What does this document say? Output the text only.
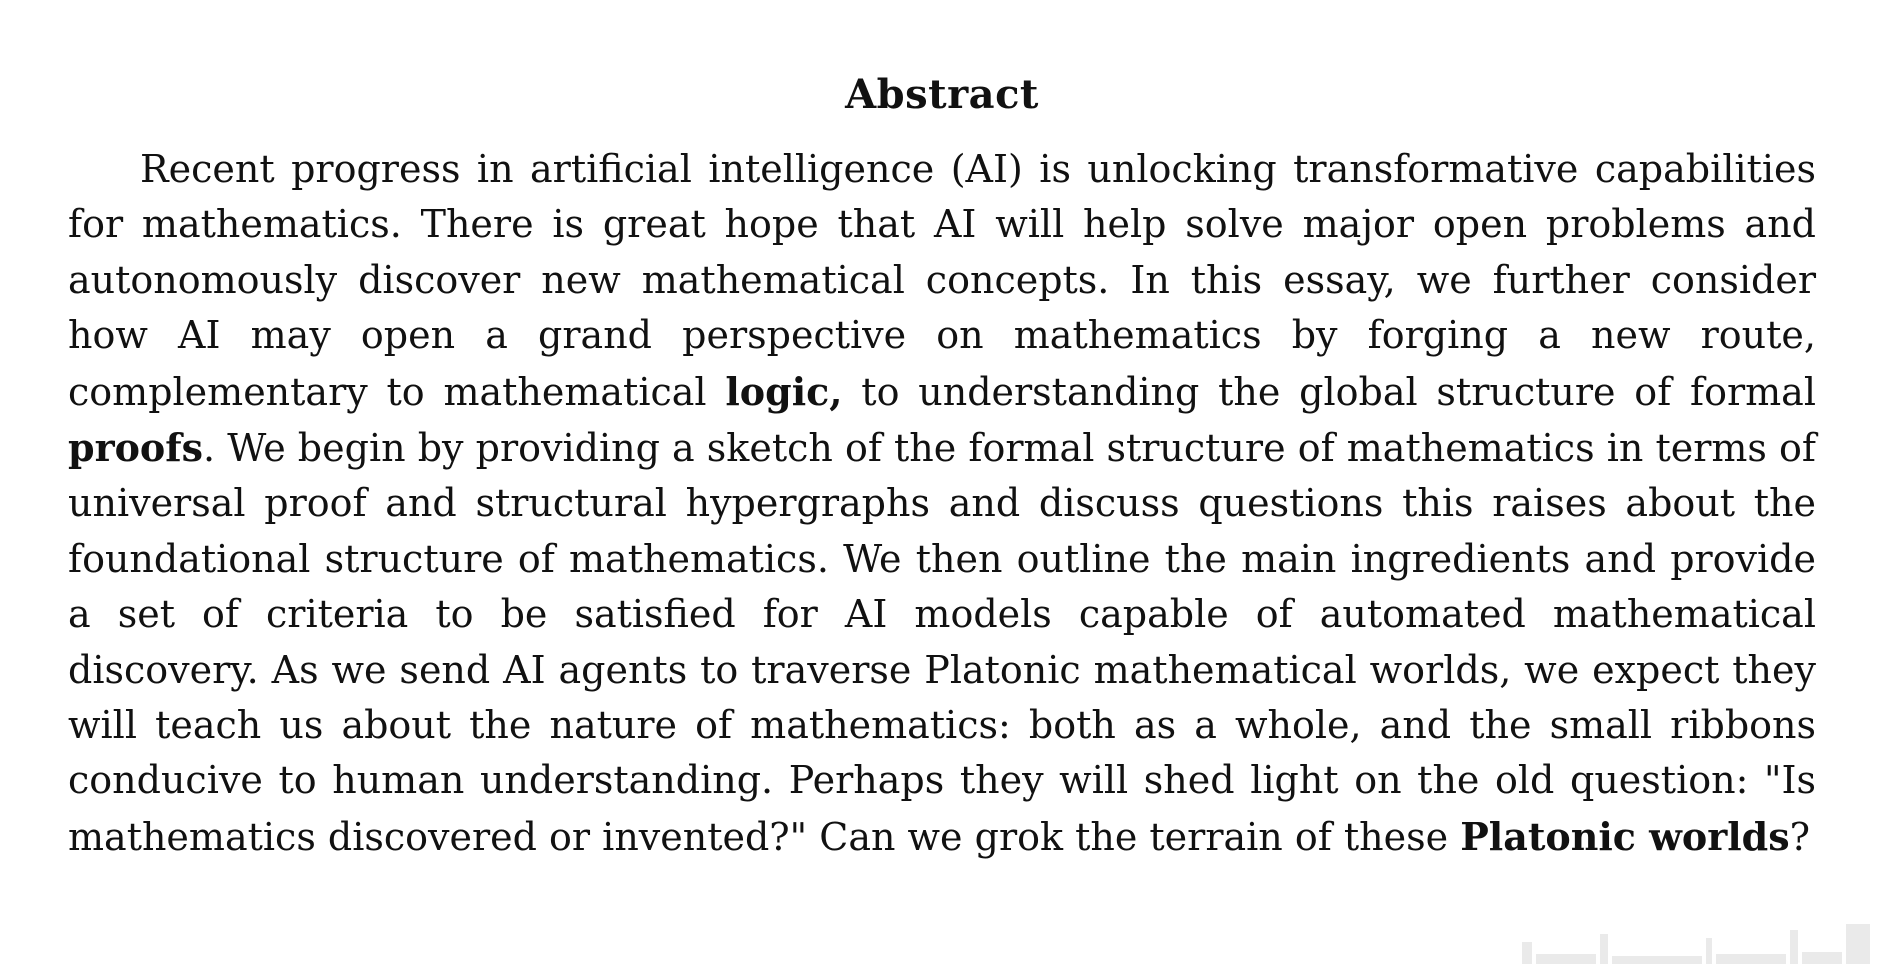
Abstract

Recent progress in artificial intelligence (AI) is unlocking transformative capabilities for mathematics. There is great hope that AI will help solve major open problems and autonomously discover new mathematical concepts. In this essay, we further consider how AI may open a grand perspective on mathematics by forging a new route, complementary to mathematical logic, to understanding the global structure of formal proofs. We begin by providing a sketch of the formal structure of mathematics in terms of universal proof and structural hypergraphs and discuss questions this raises about the foundational structure of mathematics. We then outline the main ingredients and provide a set of criteria to be satisfied for AI models capable of automated mathematical discovery. As we send AI agents to traverse Platonic mathematical worlds, we expect they will teach us about the nature of mathematics: both as a whole, and the small ribbons conducive to human understanding. Perhaps they will shed light on the old question: "Is mathematics discovered or invented?" Can we grok the terrain of these Platonic worlds?
